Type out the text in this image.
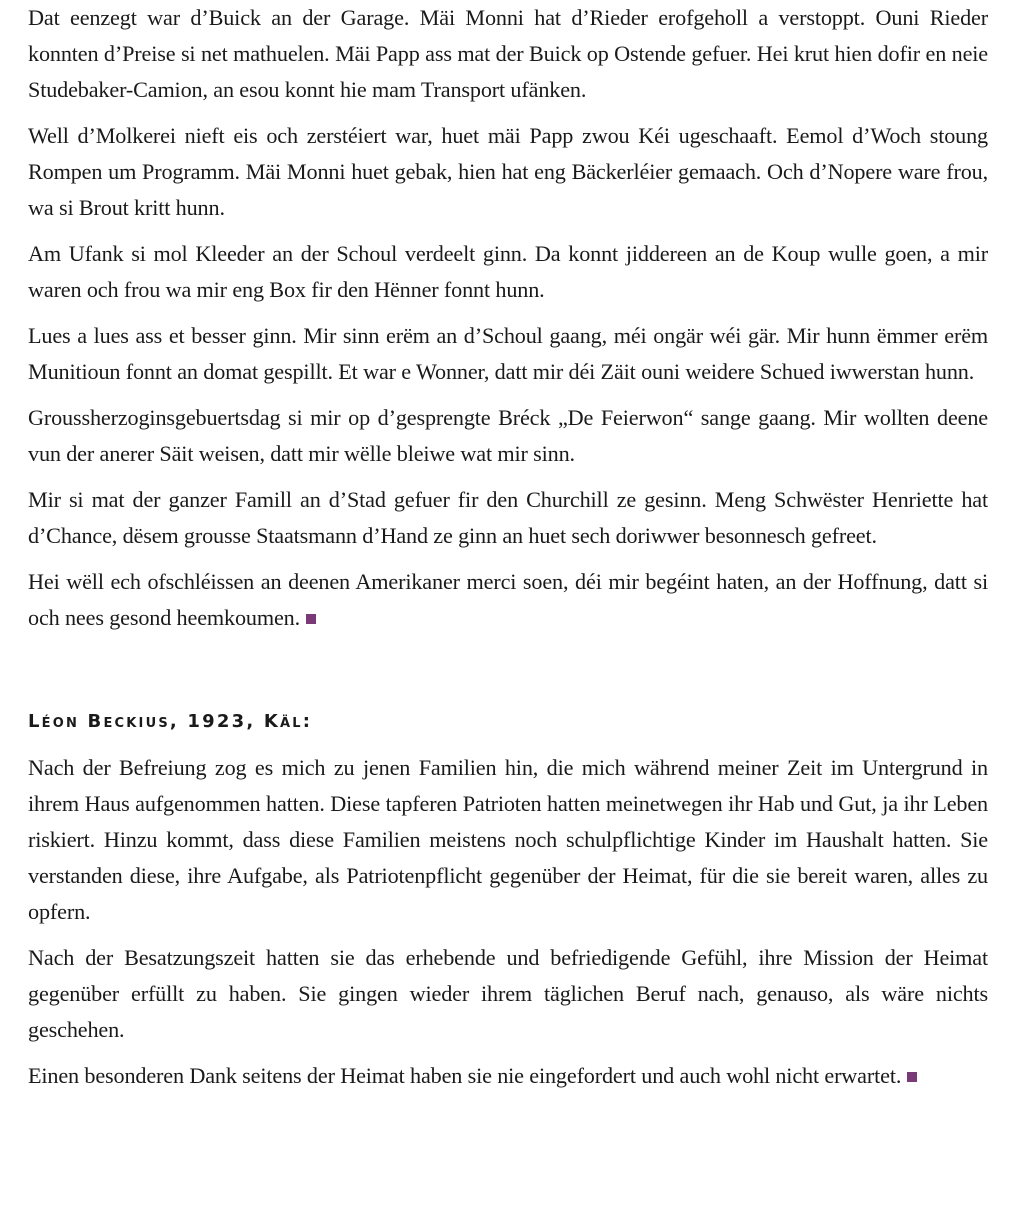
Dat eenzegt war d’Buick an der Garage. Mäi Monni hat d’Rieder erofgeholl a verstoppt. Ouni Rieder konnten d’Preise si net mathuelen. Mäi Papp ass mat der Buick op Ostende gefuer. Hei krut hien dofir en neie Studebaker-Camion, an esou konnt hie mam Transport ufänken.

Well d’Molkerei nieft eis och zerstéiert war, huet mäi Papp zwou Kéi ugeschaaft. Eemol d’Woch stoung Rompen um Programm. Mäi Monni huet gebak, hien hat eng Bäckerléier gemaach. Och d’Nopere ware frou, wa si Brout kritt hunn.

Am Ufank si mol Kleeder an der Schoul verdeelt ginn. Da konnt jiddereen an de Koup wulle goen, a mir waren och frou wa mir eng Box fir den Hënner fonnt hunn.

Lues a lues ass et besser ginn. Mir sinn erëm an d’Schoul gaang, méi ongär wéi gär. Mir hunn ëmmer erëm Munitioun fonnt an domat gespillt. Et war e Wonner, datt mir déi Zäit ouni weidere Schued iwwerstan hunn.

Groussherzoginsgebuertsdag si mir op d’gesprengte Bréck „De Feierwon“ sange gaang. Mir wollten deene vun der anerer Säit weisen, datt mir wëlle bleiwe wat mir sinn.

Mir si mat der ganzer Famill an d’Stad gefuer fir den Churchill ze gesinn. Meng Schwëster Henriette hat d’Chance, dësem grousse Staatsmann d’Hand ze ginn an huet sech doriwwer besonnesch gefreet.

Hei wëll ech ofschléissen an deenen Amerikaner merci soen, déi mir begéint haten, an der Hoffnung, datt si och nees gesond heemkoumen.

Léon Beckius, 1923, Käl:

Nach der Befreiung zog es mich zu jenen Familien hin, die mich während meiner Zeit im Untergrund in ihrem Haus aufgenommen hatten. Diese tapferen Patrioten hatten meinetwegen ihr Hab und Gut, ja ihr Leben riskiert. Hinzu kommt, dass diese Familien meistens noch schulpflichtige Kinder im Haushalt hatten. Sie verstanden diese, ihre Aufgabe, als Patriotenpflicht gegenüber der Heimat, für die sie bereit waren, alles zu opfern.

Nach der Besatzungszeit hatten sie das erhebende und befriedigende Gefühl, ihre Mission der Heimat gegenüber erfüllt zu haben. Sie gingen wieder ihrem täglichen Beruf nach, genauso, als wäre nichts geschehen.

Einen besonderen Dank seitens der Heimat haben sie nie eingefordert und auch wohl nicht erwartet.
